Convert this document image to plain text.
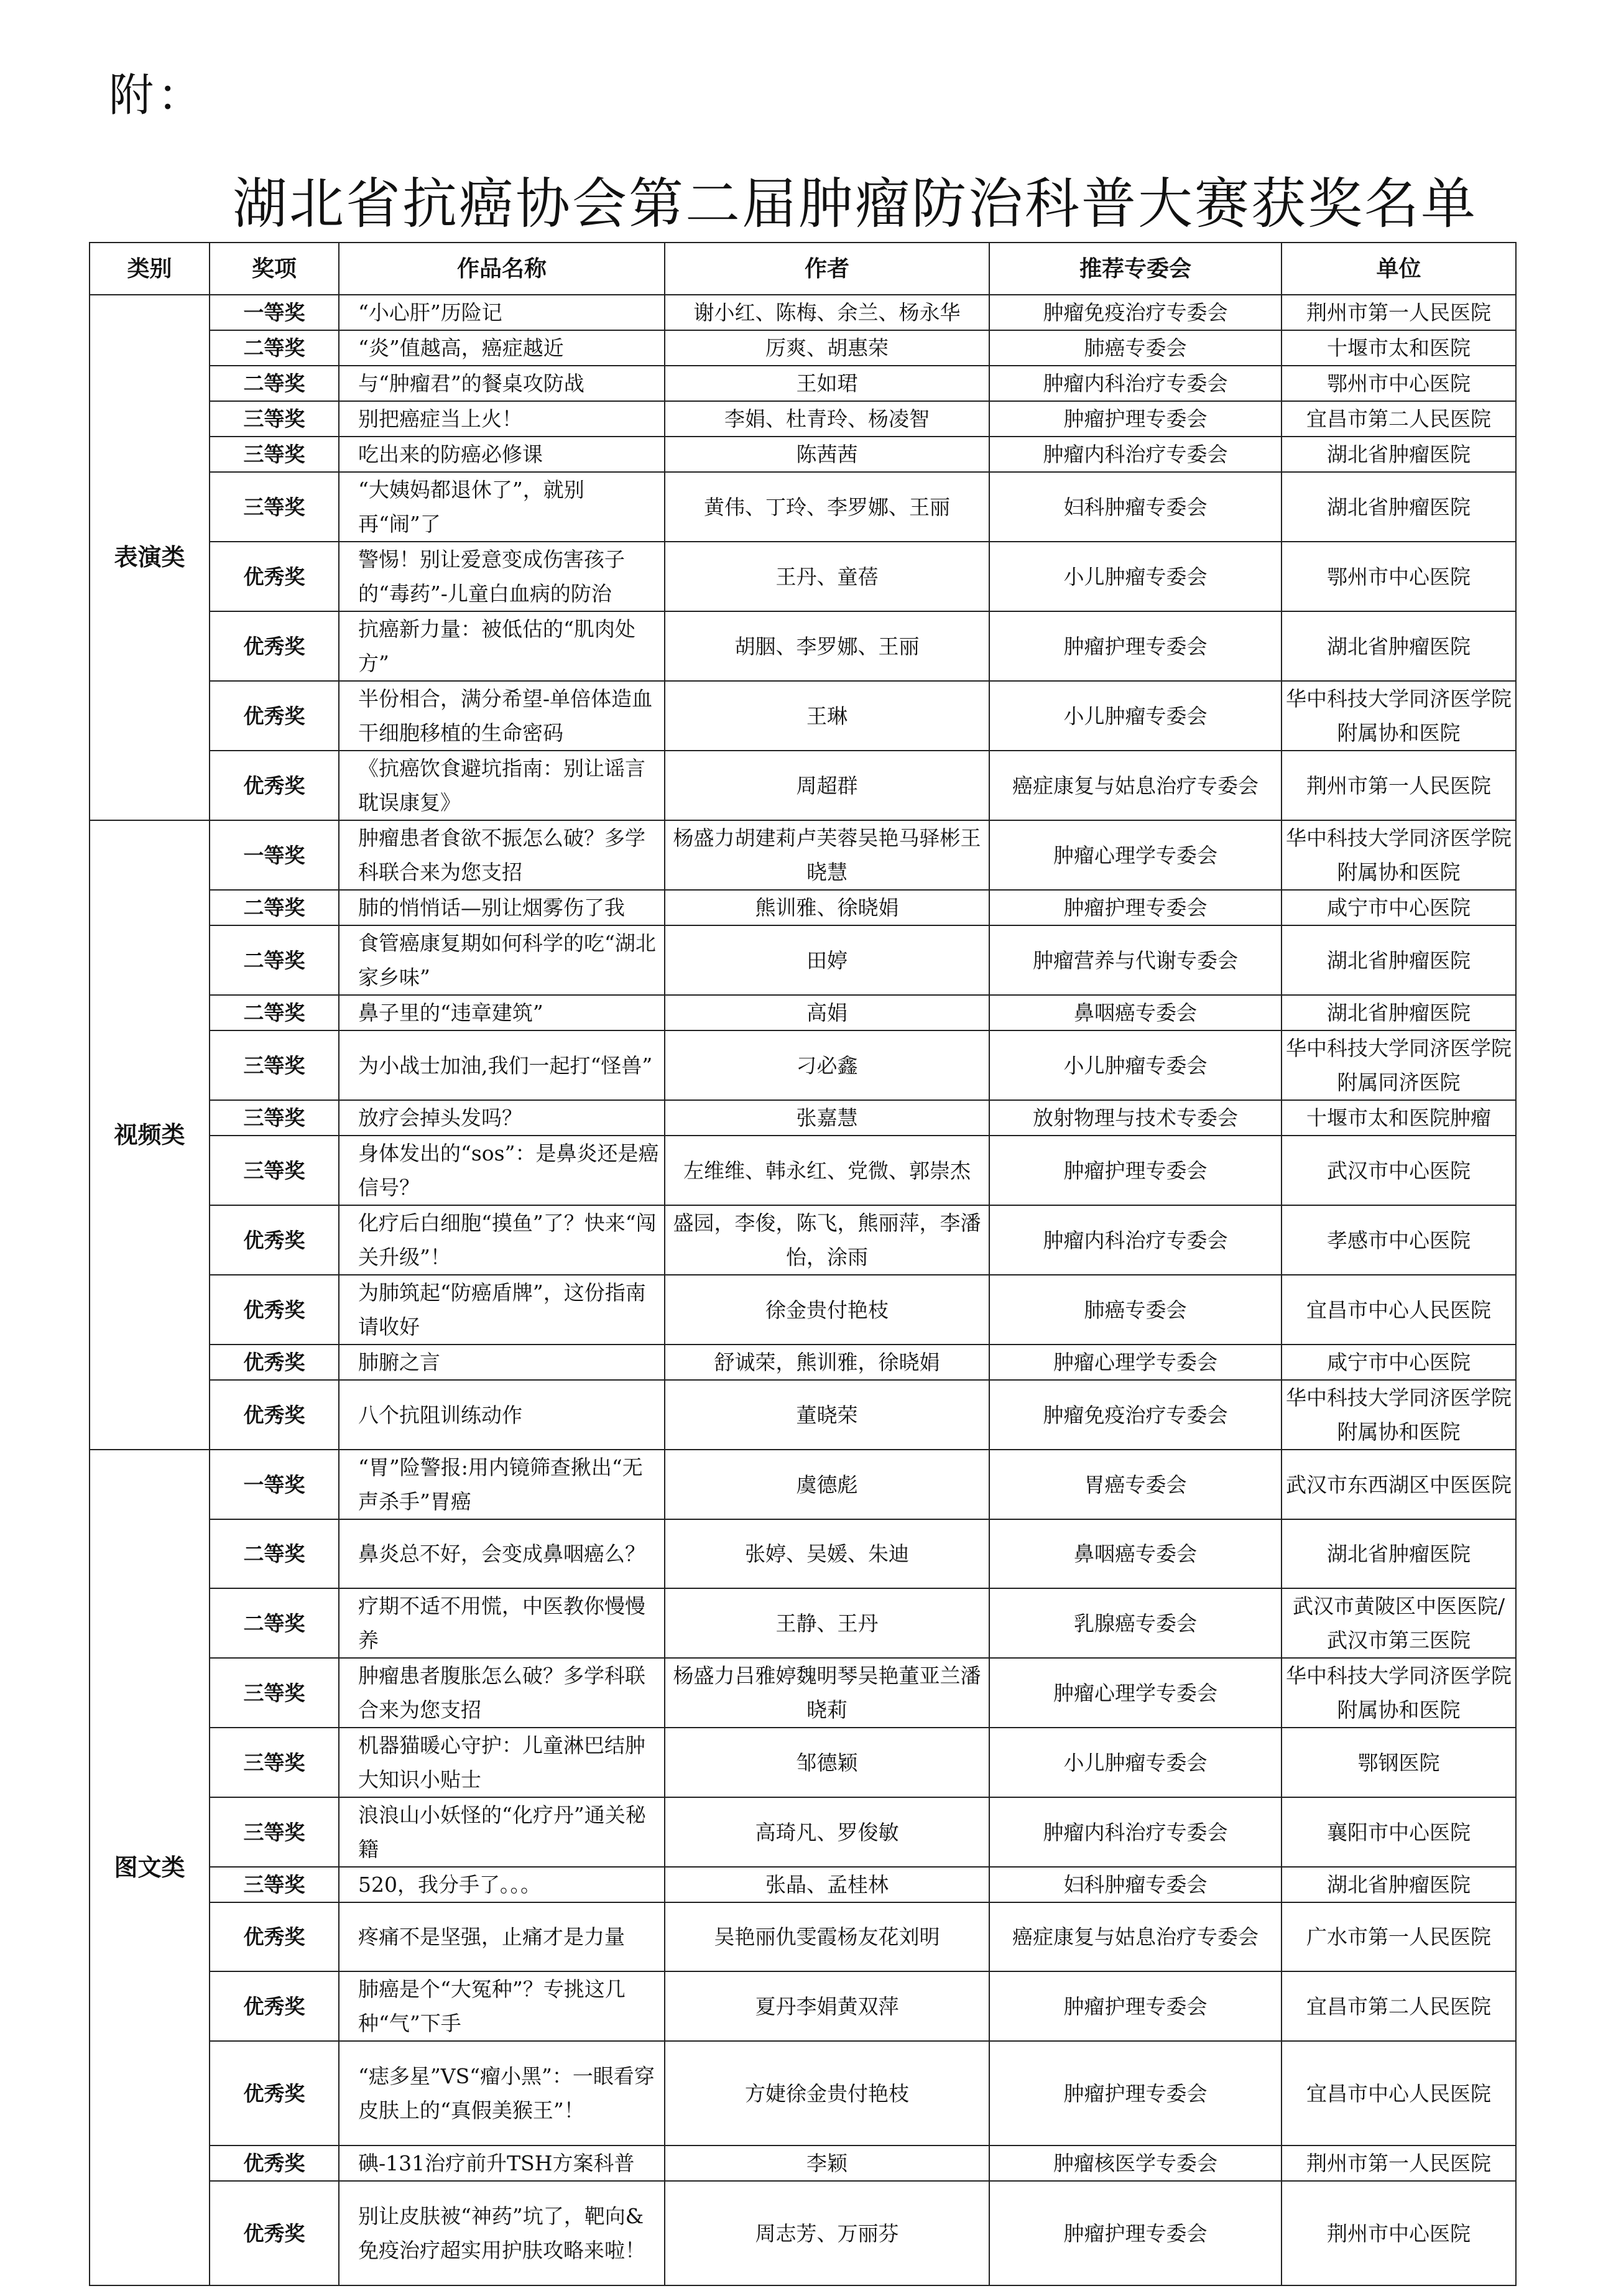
附：
湖北省抗癌协会第二届肿瘤防治科普大赛获奖名单
类别	奖项	作品名称	作者	推荐专委会	单位
表演类	一等奖	“小心肝”历险记	谢小红、陈梅、余兰、杨永华	肿瘤免疫治疗专委会	荆州市第一人民医院
	二等奖	“炎”值越高，癌症越近	厉爽、胡惠荣	肺癌专委会	十堰市太和医院
	二等奖	与“肿瘤君”的餐桌攻防战	王如珺	肿瘤内科治疗专委会	鄂州市中心医院
	三等奖	别把癌症当上火！	李娟、杜青玲、杨凌智	肿瘤护理专委会	宜昌市第二人民医院
	三等奖	吃出来的防癌必修课	陈茜茜	肿瘤内科治疗专委会	湖北省肿瘤医院
	三等奖	“大姨妈都退休了”，就别再“闹”了	黄伟、丁玲、李罗娜、王丽	妇科肿瘤专委会	湖北省肿瘤医院
	优秀奖	警惕！别让爱意变成伤害孩子的“毒药”-儿童白血病的防治	王丹、童蓓	小儿肿瘤专委会	鄂州市中心医院
	优秀奖	抗癌新力量：被低估的“肌肉处方”	胡胭、李罗娜、王丽	肿瘤护理专委会	湖北省肿瘤医院
	优秀奖	半份相合，满分希望-单倍体造血干细胞移植的生命密码	王琳	小儿肿瘤专委会	华中科技大学同济医学院附属协和医院
	优秀奖	《抗癌饮食避坑指南：别让谣言耽误康复》	周超群	癌症康复与姑息治疗专委会	荆州市第一人民医院
视频类	一等奖	肿瘤患者食欲不振怎么破？多学科联合来为您支招	杨盛力胡建莉卢芙蓉吴艳马驿彬王晓慧	肿瘤心理学专委会	华中科技大学同济医学院附属协和医院
	二等奖	肺的悄悄话—别让烟雾伤了我	熊训雅、徐晓娟	肿瘤护理专委会	咸宁市中心医院
	二等奖	食管癌康复期如何科学的吃“湖北家乡味”	田婷	肿瘤营养与代谢专委会	湖北省肿瘤医院
	二等奖	鼻子里的“违章建筑”	高娟	鼻咽癌专委会	湖北省肿瘤医院
	三等奖	为小战士加油,我们一起打“怪兽”	刁必鑫	小儿肿瘤专委会	华中科技大学同济医学院附属同济医院
	三等奖	放疗会掉头发吗？	张嘉慧	放射物理与技术专委会	十堰市太和医院肿瘤
	三等奖	身体发出的“sos”：是鼻炎还是癌信号？	左维维、韩永红、党微、郭崇杰	肿瘤护理专委会	武汉市中心医院
	优秀奖	化疗后白细胞“摸鱼”了？快来“闯关升级”！	盛园，李俊，陈飞，熊丽萍，李潘怡，涂雨	肿瘤内科治疗专委会	孝感市中心医院
	优秀奖	为肺筑起“防癌盾牌”，这份指南请收好	徐金贵付艳枝	肺癌专委会	宜昌市中心人民医院
	优秀奖	肺腑之言	舒诚荣，熊训雅，徐晓娟	肿瘤心理学专委会	咸宁市中心医院
	优秀奖	八个抗阻训练动作	董晓荣	肿瘤免疫治疗专委会	华中科技大学同济医学院附属协和医院
图文类	一等奖	“胃”险警报:用内镜筛查揪出“无声杀手”胃癌	虞德彪	胃癌专委会	武汉市东西湖区中医医院
	二等奖	鼻炎总不好，会变成鼻咽癌么？	张婷、吴媛、朱迪	鼻咽癌专委会	湖北省肿瘤医院
	二等奖	疗期不适不用慌，中医教你慢慢养	王静、王丹	乳腺癌专委会	武汉市黄陂区中医医院/武汉市第三医院
	三等奖	肿瘤患者腹胀怎么破？多学科联合来为您支招	杨盛力吕雅婷魏明琴吴艳董亚兰潘晓莉	肿瘤心理学专委会	华中科技大学同济医学院附属协和医院
	三等奖	机器猫暖心守护：儿童淋巴结肿大知识小贴士	邹德颖	小儿肿瘤专委会	鄂钢医院
	三等奖	浪浪山小妖怪的“化疗丹”通关秘籍	高琦凡、罗俊敏	肿瘤内科治疗专委会	襄阳市中心医院
	三等奖	520，我分手了。。。	张晶、孟桂林	妇科肿瘤专委会	湖北省肿瘤医院
	优秀奖	疼痛不是坚强，止痛才是力量	吴艳丽仇雯霞杨友花刘明	癌症康复与姑息治疗专委会	广水市第一人民医院
	优秀奖	肺癌是个“大冤种”？专挑这几种“气”下手	夏丹李娟黄双萍	肿瘤护理专委会	宜昌市第二人民医院
	优秀奖	“痣多星”VS“瘤小黑”：一眼看穿皮肤上的“真假美猴王”！	方婕徐金贵付艳枝	肿瘤护理专委会	宜昌市中心人民医院
	优秀奖	碘-131治疗前升TSH方案科普	李颖	肿瘤核医学专委会	荆州市第一人民医院
	优秀奖	别让皮肤被“神药”坑了，靶向&免疫治疗超实用护肤攻略来啦！	周志芳、万丽芬	肿瘤护理专委会	荆州市中心医院
